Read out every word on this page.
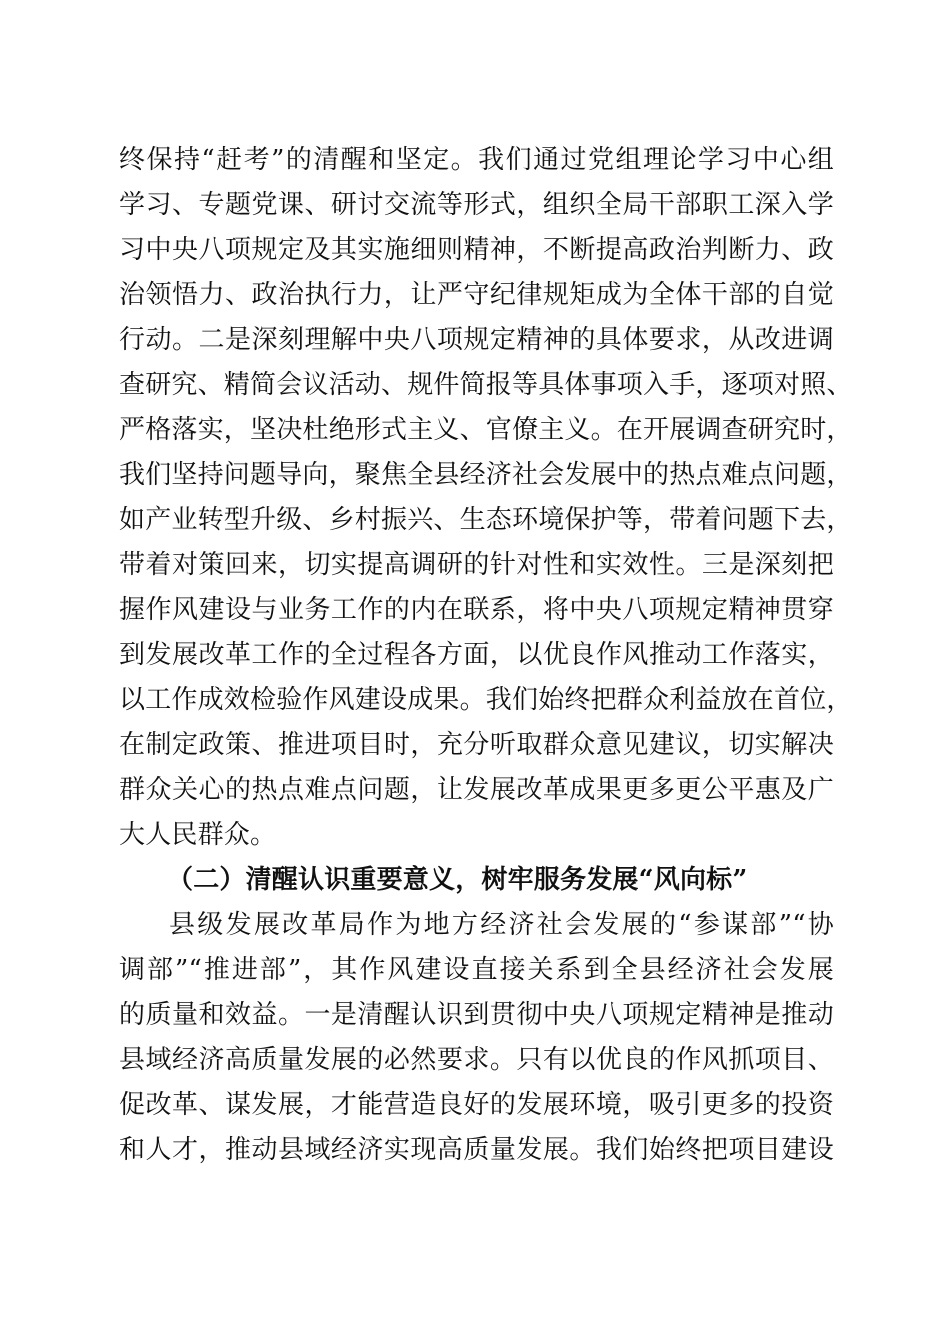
终保持“赶考”的清醒和坚定。我们通过党组理论学习中心组
学习、专题党课、研讨交流等形式，组织全局干部职工深入学
习中央八项规定及其实施细则精神，不断提高政治判断力、政
治领悟力、政治执行力，让严守纪律规矩成为全体干部的自觉
行动。二是深刻理解中央八项规定精神的具体要求，从改进调
查研究、精简会议活动、规件简报等具体事项入手，逐项对照、
严格落实，坚决杜绝形式主义、官僚主义。在开展调查研究时，
我们坚持问题导向，聚焦全县经济社会发展中的热点难点问题，
如产业转型升级、乡村振兴、生态环境保护等，带着问题下去，
带着对策回来，切实提高调研的针对性和实效性。三是深刻把
握作风建设与业务工作的内在联系，将中央八项规定精神贯穿
到发展改革工作的全过程各方面，以优良作风推动工作落实，
以工作成效检验作风建设成果。我们始终把群众利益放在首位，
在制定政策、推进项目时，充分听取群众意见建议，切实解决
群众关心的热点难点问题，让发展改革成果更多更公平惠及广
大人民群众。
（二）清醒认识重要意义，树牢服务发展“风向标”
县级发展改革局作为地方经济社会发展的“参谋部”“协
调部”“推进部”，其作风建设直接关系到全县经济社会发展
的质量和效益。一是清醒认识到贯彻中央八项规定精神是推动
县域经济高质量发展的必然要求。只有以优良的作风抓项目、
促改革、谋发展，才能营造良好的发展环境，吸引更多的投资
和人才，推动县域经济实现高质量发展。我们始终把项目建设
